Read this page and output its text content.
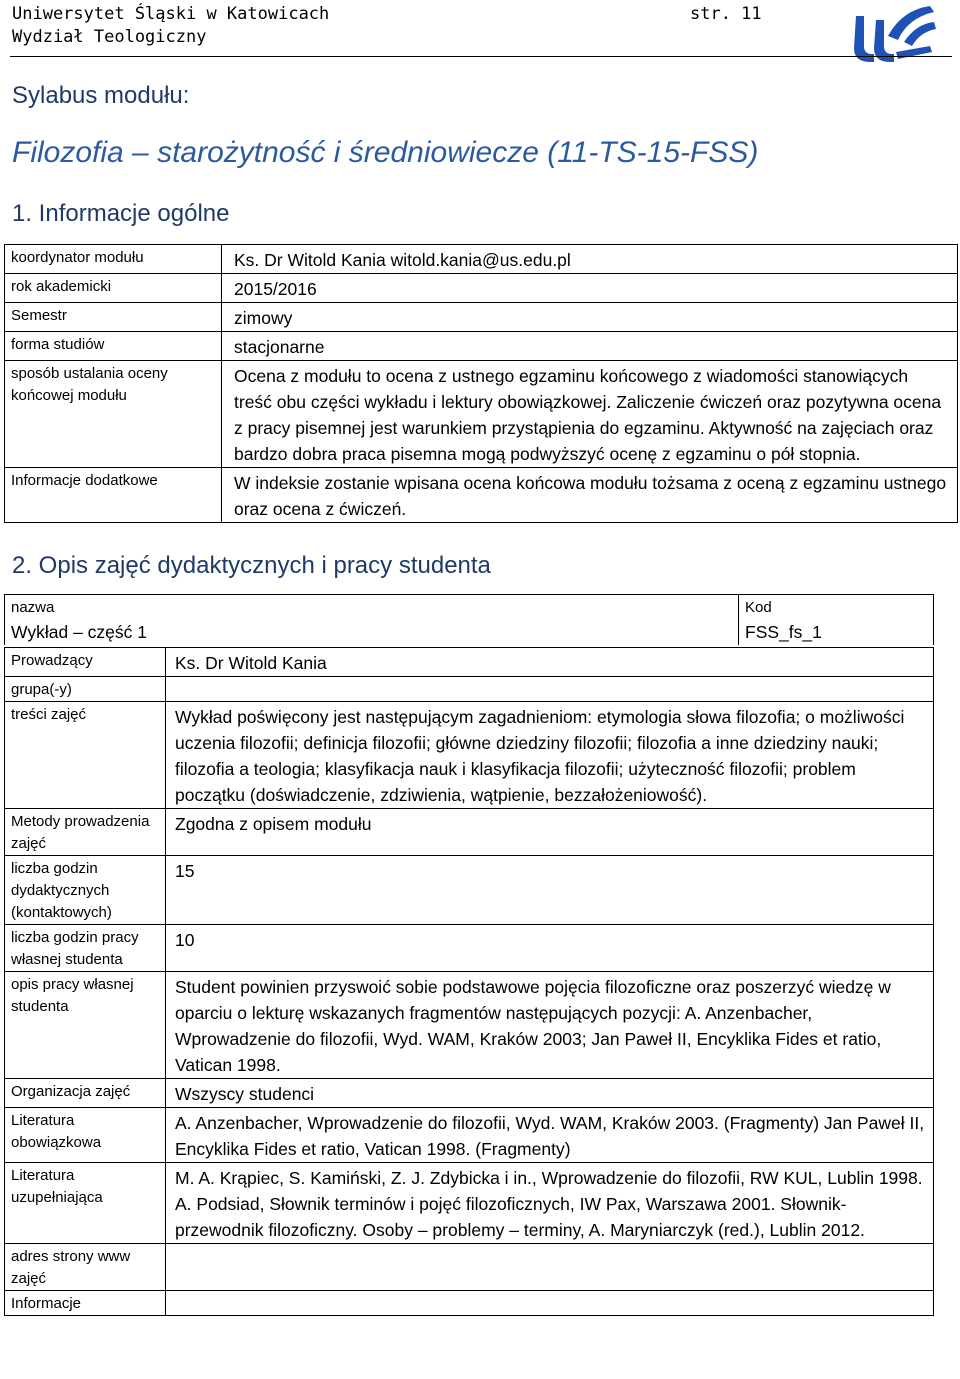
Uniwersytet Śląski w Katowicach
Wydział Teologiczny
str. 11
Sylabus modułu:
Filozofia – starożytność i średniowiecze (11-TS-15-FSS)
1. Informacje ogólne
koordynator modułu	Ks. Dr Witold Kania witold.kania@us.edu.pl
rok akademicki	2015/2016
Semestr	zimowy
forma studiów	stacjonarne
sposób ustalania oceny końcowej modułu	Ocena z modułu to ocena z ustnego egzaminu końcowego z wiadomości stanowiących treść obu części wykładu i lektury obowiązkowej. Zaliczenie ćwiczeń oraz pozytywna ocena z pracy pisemnej jest warunkiem przystąpienia do egzaminu. Aktywność na zajęciach oraz bardzo dobra praca pisemna mogą podwyższyć ocenę z egzaminu o pół stopnia.
Informacje dodatkowe	W indeksie zostanie wpisana ocena końcowa modułu tożsama z oceną z egzaminu ustnego oraz ocena z ćwiczeń.
2. Opis zajęć dydaktycznych i pracy studenta
nazwa
Wykład – część 1

Kod
FSS_fs_1
Prowadzący	Ks. Dr Witold Kania
grupa(-y)	
treści zajęć	Wykład poświęcony jest następującym zagadnieniom: etymologia słowa filozofia; o możliwości uczenia filozofii; definicja filozofii; główne dziedziny filozofii; filozofia a inne dziedziny nauki; filozofia a teologia; klasyfikacja nauk i klasyfikacja filozofii; użyteczność filozofii; problem początku (doświadczenie, zdziwienia, wątpienie, bezzałożeniowość).
Metody prowadzenia zajęć	Zgodna z opisem modułu
liczba godzin dydaktycznych (kontaktowych)	15
liczba godzin pracy własnej studenta	10
opis pracy własnej studenta	Student powinien przyswoić sobie podstawowe pojęcia filozoficzne oraz poszerzyć wiedzę w oparciu o lekturę wskazanych fragmentów następujących pozycji: A. Anzenbacher, Wprowadzenie do filozofii, Wyd. WAM, Kraków 2003; Jan Paweł II, Encyklika Fides et ratio, Vatican 1998.
Organizacja zajęć	Wszyscy studenci
Literatura obowiązkowa	A. Anzenbacher, Wprowadzenie do filozofii, Wyd. WAM, Kraków 2003. (Fragmenty) Jan Paweł II, Encyklika Fides et ratio, Vatican 1998. (Fragmenty)
Literatura uzupełniająca	M. A. Krąpiec, S. Kamiński, Z. J. Zdybicka i in., Wprowadzenie do filozofii, RW KUL, Lublin 1998. A. Podsiad, Słownik terminów i pojęć filozoficznych, IW Pax, Warszawa 2001. Słownik-przewodnik filozoficzny. Osoby – problemy – terminy, A. Maryniarczyk (red.), Lublin 2012.
adres strony www zajęć	
Informacje	
